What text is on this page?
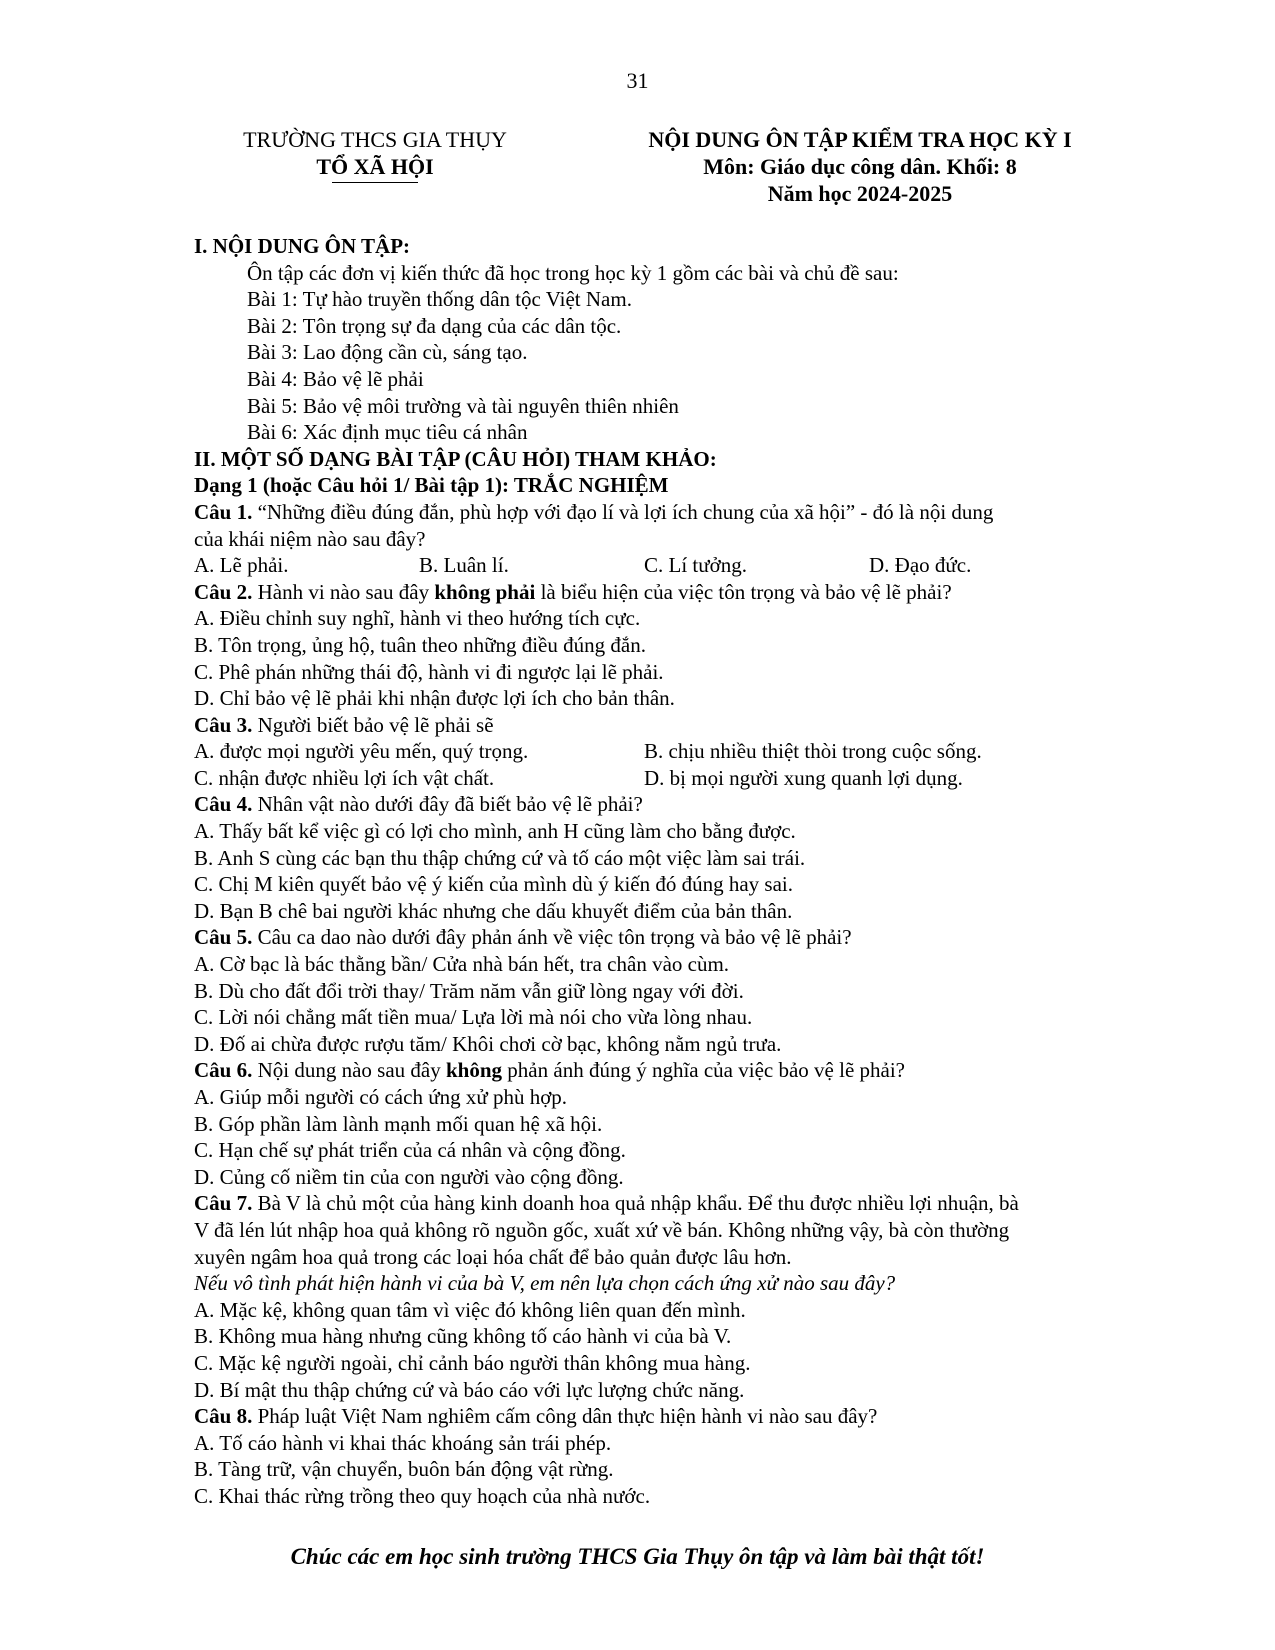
31
TRƯỜNG THCS GIA THỤY
TỔ XÃ HỘI
NỘI DUNG ÔN TẬP KIỂM TRA HỌC KỲ I
Môn: Giáo dục công dân. Khối: 8
Năm học 2024-2025
I. NỘI DUNG ÔN TẬP:
Ôn tập các đơn vị kiến thức đã học trong học kỳ 1 gồm các bài và chủ đề sau:
Bài 1: Tự hào truyền thống dân tộc Việt Nam.
Bài 2: Tôn trọng sự đa dạng của các dân tộc.
Bài 3: Lao động cần cù, sáng tạo.
Bài 4: Bảo vệ lẽ phải
Bài 5: Bảo vệ môi trường và tài nguyên thiên nhiên
Bài 6: Xác định mục tiêu cá nhân
II. MỘT SỐ DẠNG BÀI TẬP (CÂU HỎI) THAM KHẢO:
Dạng 1 (hoặc Câu hỏi 1/ Bài tập 1): TRẮC NGHIỆM
Câu 1. “Những điều đúng đắn, phù hợp với đạo lí và lợi ích chung của xã hội” - đó là nội dung
của khái niệm nào sau đây?
A. Lẽ phải.	B. Luân lí.	C. Lí tưởng.	D. Đạo đức.
Câu 2. Hành vi nào sau đây không phải là biểu hiện của việc tôn trọng và bảo vệ lẽ phải?
A. Điều chỉnh suy nghĩ, hành vi theo hướng tích cực.
B. Tôn trọng, ủng hộ, tuân theo những điều đúng đắn.
C. Phê phán những thái độ, hành vi đi ngược lại lẽ phải.
D. Chỉ bảo vệ lẽ phải khi nhận được lợi ích cho bản thân.
Câu 3. Người biết bảo vệ lẽ phải sẽ
A. được mọi người yêu mến, quý trọng.	B. chịu nhiều thiệt thòi trong cuộc sống.
C. nhận được nhiều lợi ích vật chất.	D. bị mọi người xung quanh lợi dụng.
Câu 4. Nhân vật nào dưới đây đã biết bảo vệ lẽ phải?
A. Thấy bất kể việc gì có lợi cho mình, anh H cũng làm cho bằng được.
B. Anh S cùng các bạn thu thập chứng cứ và tố cáo một việc làm sai trái.
C. Chị M kiên quyết bảo vệ ý kiến của mình dù ý kiến đó đúng hay sai.
D. Bạn B chê bai người khác nhưng che dấu khuyết điểm của bản thân.
Câu 5. Câu ca dao nào dưới đây phản ánh về việc tôn trọng và bảo vệ lẽ phải?
A. Cờ bạc là bác thằng bần/ Cửa nhà bán hết, tra chân vào cùm.
B. Dù cho đất đổi trời thay/ Trăm năm vẫn giữ lòng ngay với đời.
C. Lời nói chẳng mất tiền mua/ Lựa lời mà nói cho vừa lòng nhau.
D. Đố ai chừa được rượu tăm/ Khôi chơi cờ bạc, không nằm ngủ trưa.
Câu 6. Nội dung nào sau đây không phản ánh đúng ý nghĩa của việc bảo vệ lẽ phải?
A. Giúp mỗi người có cách ứng xử phù hợp.
B. Góp phần làm lành mạnh mối quan hệ xã hội.
C. Hạn chế sự phát triển của cá nhân và cộng đồng.
D. Củng cố niềm tin của con người vào cộng đồng.
Câu 7. Bà V là chủ một của hàng kinh doanh hoa quả nhập khẩu. Để thu được nhiều lợi nhuận, bà
V đã lén lút nhập hoa quả không rõ nguồn gốc, xuất xứ về bán. Không những vậy, bà còn thường
xuyên ngâm hoa quả trong các loại hóa chất để bảo quản được lâu hơn.
Nếu vô tình phát hiện hành vi của bà V, em nên lựa chọn cách ứng xử nào sau đây?
A. Mặc kệ, không quan tâm vì việc đó không liên quan đến mình.
B. Không mua hàng nhưng cũng không tố cáo hành vi của bà V.
C. Mặc kệ người ngoài, chỉ cảnh báo người thân không mua hàng.
D. Bí mật thu thập chứng cứ và báo cáo với lực lượng chức năng.
Câu 8. Pháp luật Việt Nam nghiêm cấm công dân thực hiện hành vi nào sau đây?
A. Tố cáo hành vi khai thác khoáng sản trái phép.
B. Tàng trữ, vận chuyển, buôn bán động vật rừng.
C. Khai thác rừng trồng theo quy hoạch của nhà nước.
Chúc các em học sinh trường THCS Gia Thụy ôn tập và làm bài thật tốt!
